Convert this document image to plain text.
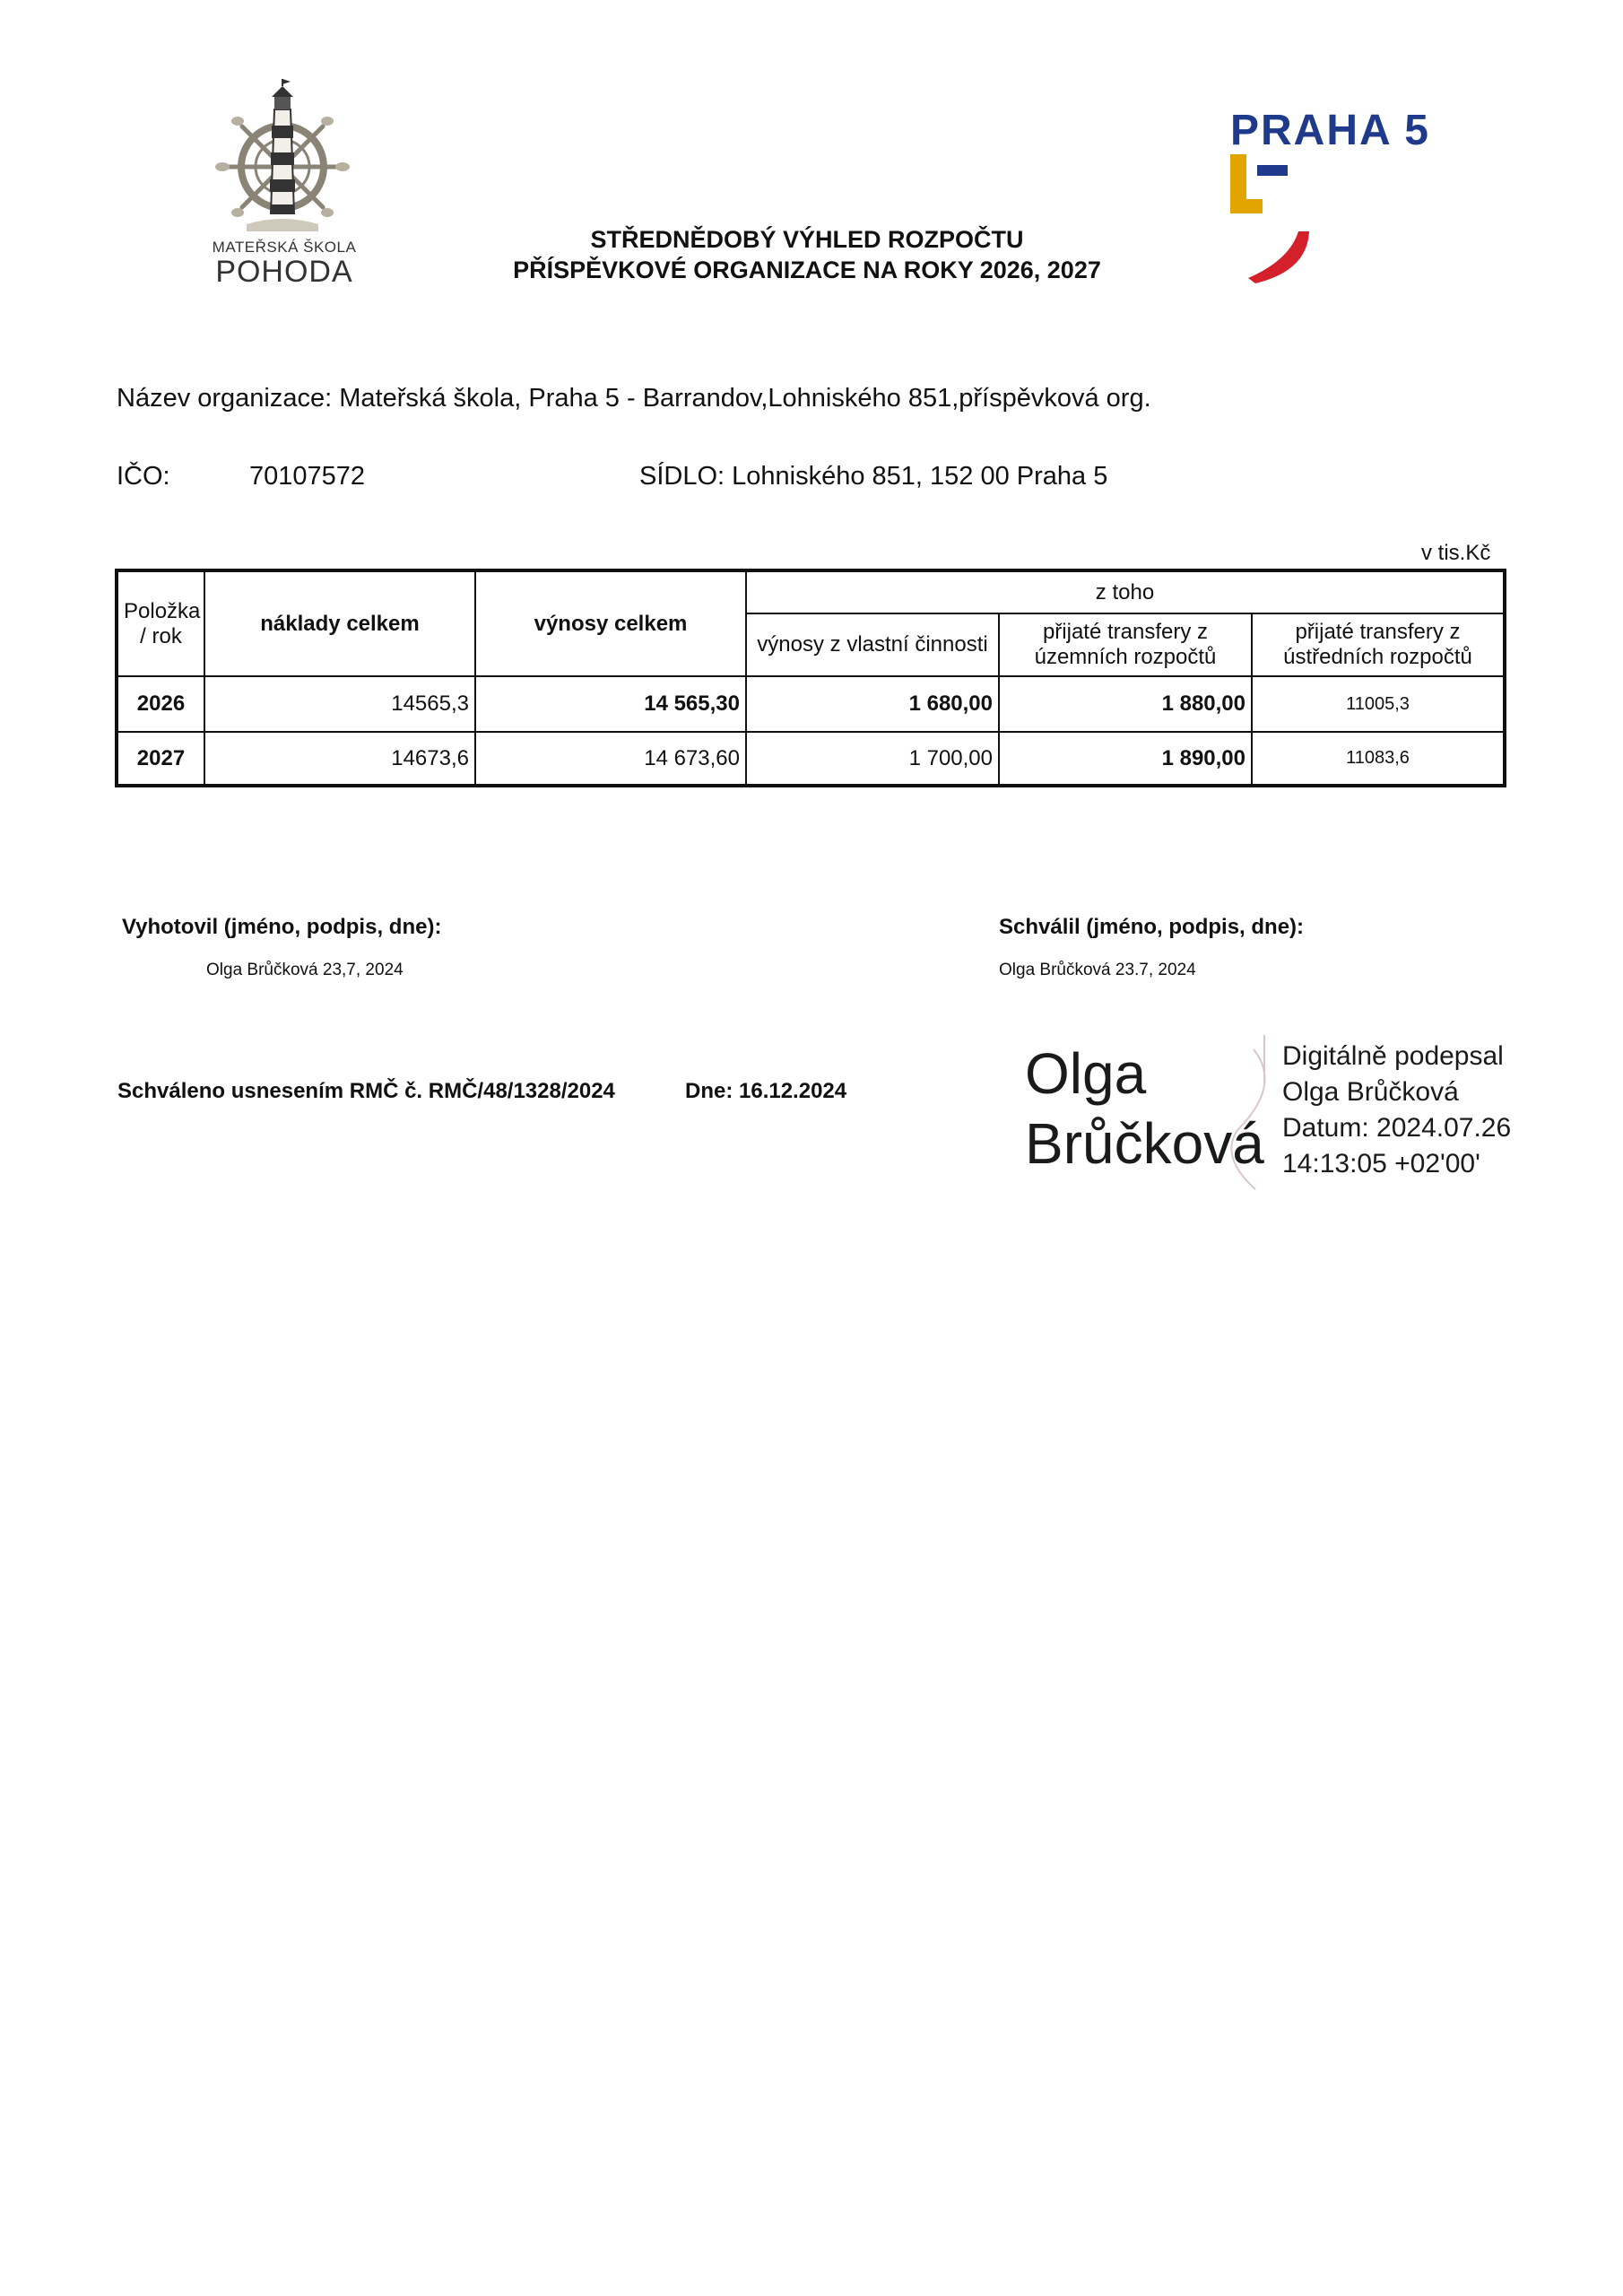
MATEŘSKÁ ŠKOLA
POHODA
PRAHA 5
STŘEDNĚDOBÝ VÝHLED ROZPOČTU
PŘÍSPĚVKOVÉ ORGANIZACE NA ROKY 2026, 2027
Název organizace: Mateřská škola, Praha 5 - Barrandov,Lohniského 851,příspěvková org.
IČO:	70107572	SÍDLO: Lohniského 851, 152 00 Praha 5
v tis.Kč
Položka / rok	náklady celkem	výnosy celkem	z toho		
			výnosy z vlastní činnosti	přijaté transfery z územních rozpočtů	přijaté transfery z ústředních rozpočtů
2026	14565,3	14 565,30	1 680,00	1 880,00	11005,3
2027	14673,6	14 673,60	1 700,00	1 890,00	11083,6
Vyhotovil (jméno, podpis, dne):
Olga Brůčková 23,7, 2024
Schválil (jméno, podpis, dne):
Olga Brůčková 23.7, 2024
Schváleno usnesením RMČ č. RMČ/48/1328/2024	Dne: 16.12.2024	Olga
Brůčková
Digitálně podepsal
Olga Brůčková
Datum: 2024.07.26
14:13:05 +02'00'
